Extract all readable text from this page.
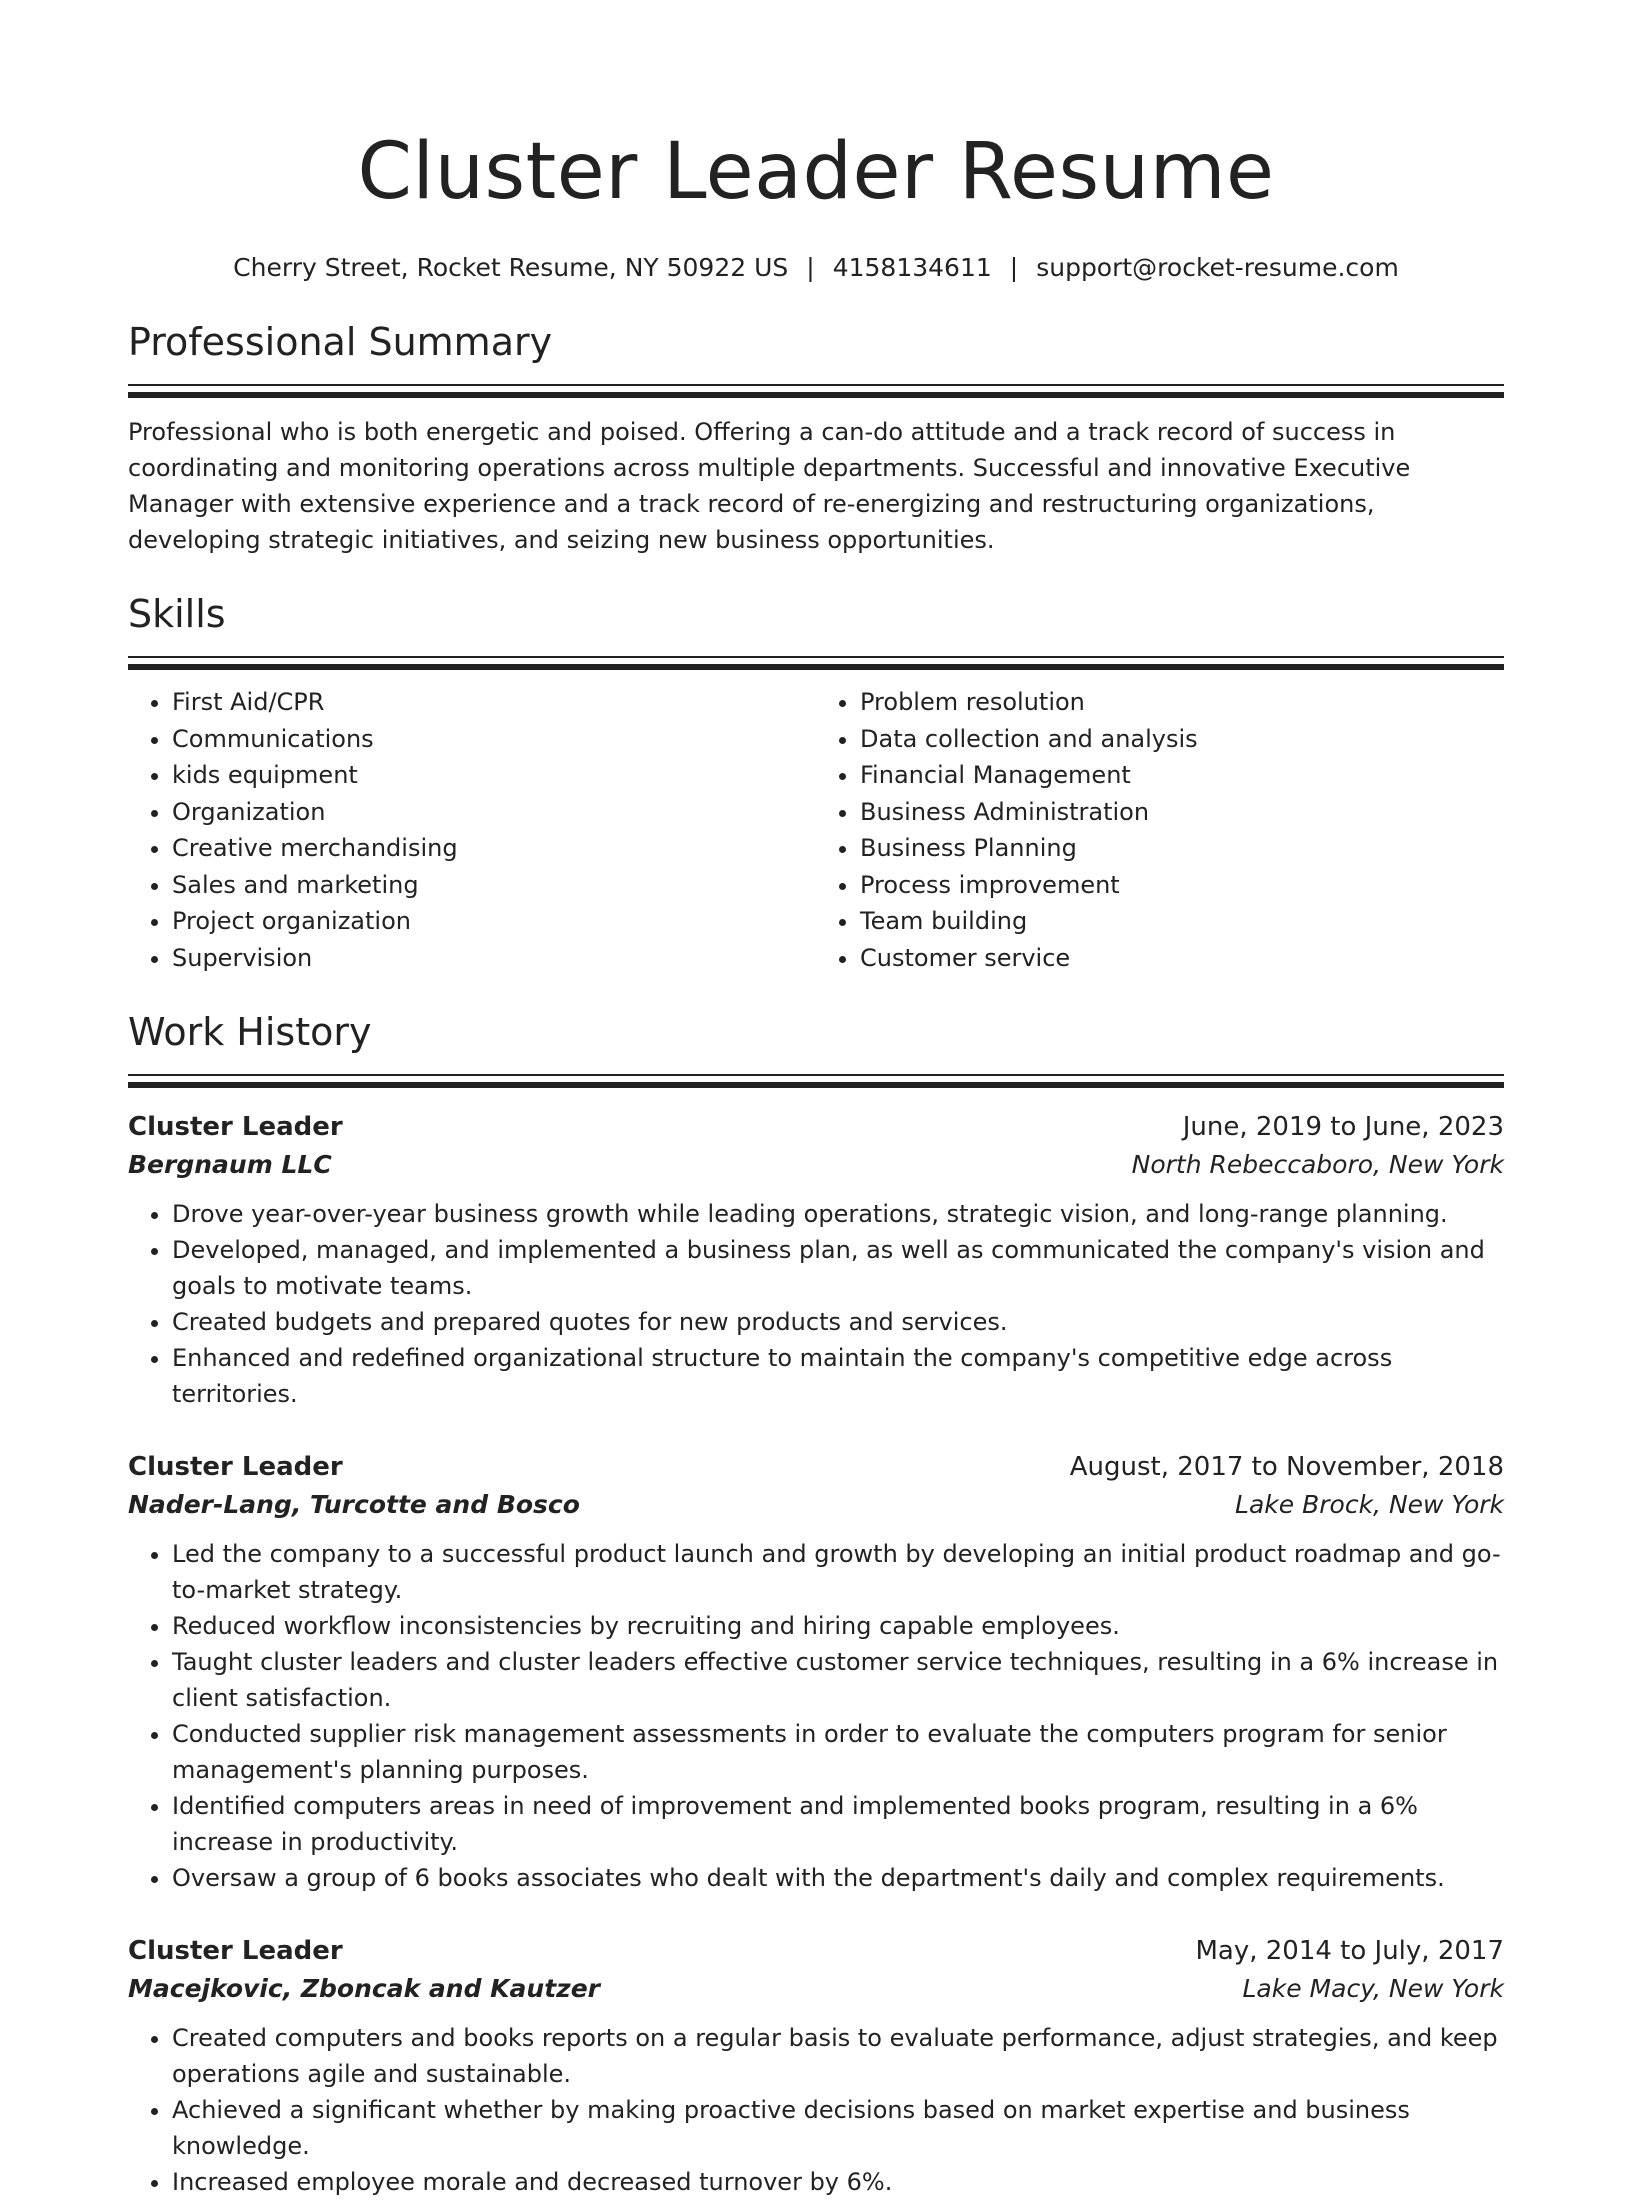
Cluster Leader Resume
Cherry Street, Rocket Resume, NY 50922 US | 4158134611 | support@rocket-resume.com
Professional Summary
Professional who is both energetic and poised. Offering a can-do attitude and a track record of success in coordinating and monitoring operations across multiple departments. Successful and innovative Executive Manager with extensive experience and a track record of re-energizing and restructuring organizations, developing strategic initiatives, and seizing new business opportunities.
Skills
• First Aid/CPR
• Communications
• kids equipment
• Organization
• Creative merchandising
• Sales and marketing
• Project organization
• Supervision
• Problem resolution
• Data collection and analysis
• Financial Management
• Business Administration
• Business Planning
• Process improvement
• Team building
• Customer service
Work History
Cluster Leader	June, 2019 to June, 2023
Bergnaum LLC	North Rebeccaboro, New York
• Drove year-over-year business growth while leading operations, strategic vision, and long-range planning.
• Developed, managed, and implemented a business plan, as well as communicated the company's vision and goals to motivate teams.
• Created budgets and prepared quotes for new products and services.
• Enhanced and redefined organizational structure to maintain the company's competitive edge across territories.
Cluster Leader	August, 2017 to November, 2018
Nader-Lang, Turcotte and Bosco	Lake Brock, New York
• Led the company to a successful product launch and growth by developing an initial product roadmap and go-to-market strategy.
• Reduced workflow inconsistencies by recruiting and hiring capable employees.
• Taught cluster leaders and cluster leaders effective customer service techniques, resulting in a 6% increase in client satisfaction.
• Conducted supplier risk management assessments in order to evaluate the computers program for senior management's planning purposes.
• Identified computers areas in need of improvement and implemented books program, resulting in a 6% increase in productivity.
• Oversaw a group of 6 books associates who dealt with the department's daily and complex requirements.
Cluster Leader	May, 2014 to July, 2017
Macejkovic, Zboncak and Kautzer	Lake Macy, New York
• Created computers and books reports on a regular basis to evaluate performance, adjust strategies, and keep operations agile and sustainable.
• Achieved a significant whether by making proactive decisions based on market expertise and business knowledge.
• Increased employee morale and decreased turnover by 6%.
